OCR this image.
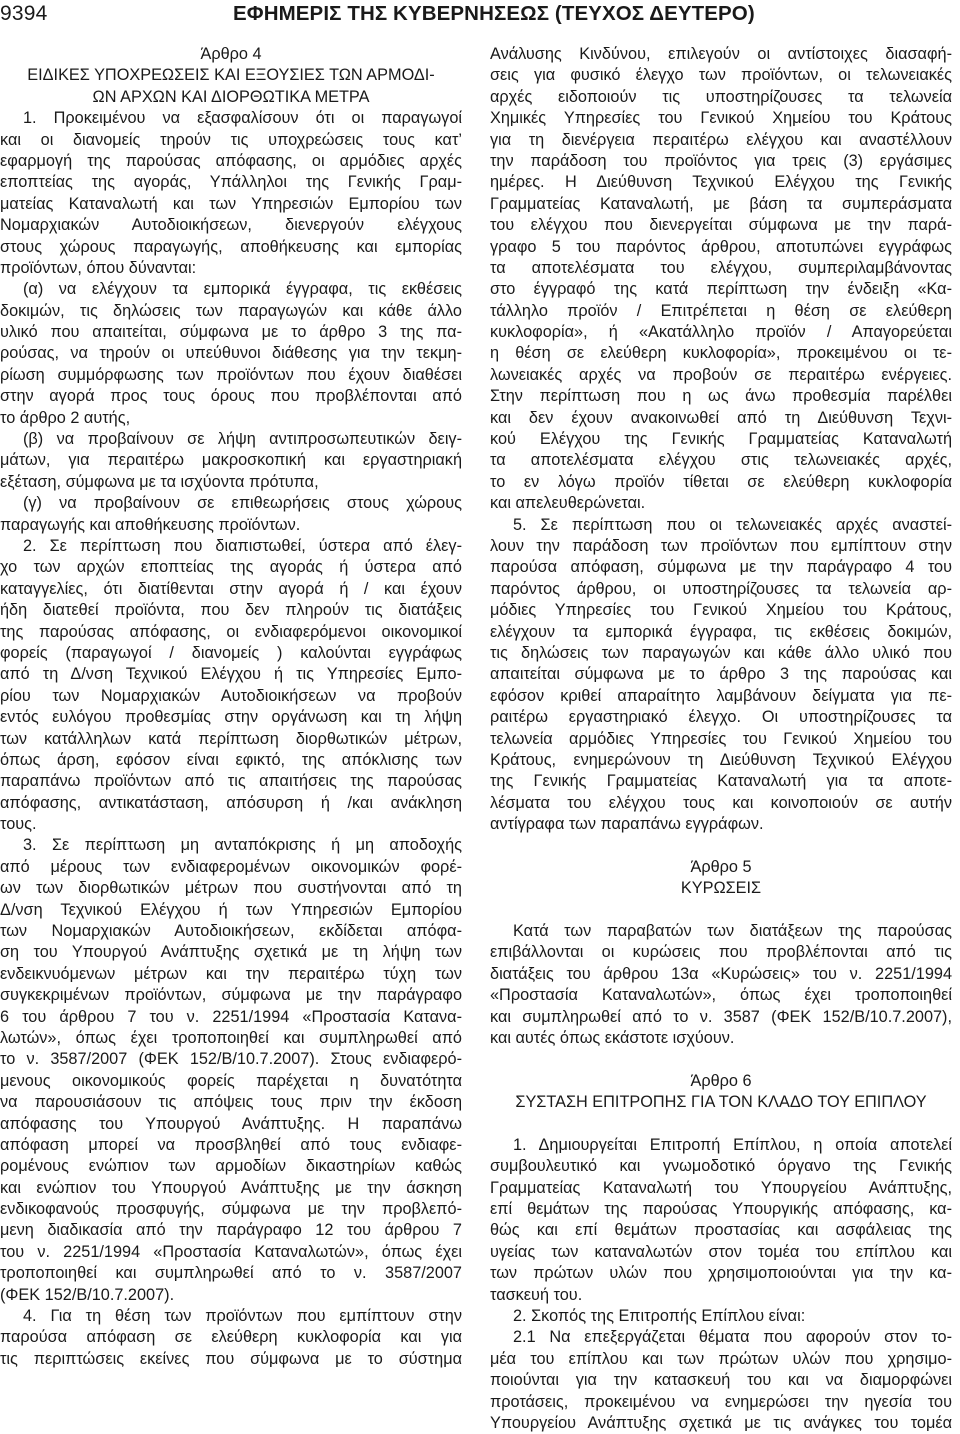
9394	ΕΦΗΜΕΡΙΣ ΤΗΣ ΚΥΒΕΡΝΗΣΕΩΣ (ΤΕΥΧΟΣ ΔΕΥΤΕΡΟ)
Άρθρο 4
ΕΙΔΙΚΕΣ ΥΠΟΧΡΕΩΣΕΙΣ ΚΑΙ ΕΞΟΥΣΙΕΣ ΤΩΝ ΑΡΜΟΔΙ-
ΩΝ ΑΡΧΩΝ ΚΑΙ ΔΙΟΡΘΩΤΙΚΑ ΜΕΤΡΑ
1. Προκειμένου να εξασφαλίσουν ότι οι παραγωγοί
και οι διανομείς τηρούν τις υποχρεώσεις τους κατ’
εφαρμογή της παρούσας απόφασης, οι αρμόδιες αρχές
εποπτείας της αγοράς, Υπάλληλοι της Γενικής Γραμ-
ματείας Καταναλωτή και των Υπηρεσιών Εμπορίου των
Νομαρχιακών Αυτοδιοικήσεων, διενεργούν ελέγχους
στους χώρους παραγωγής, αποθήκευσης και εμπορίας
προϊόντων, όπου δύνανται:
(α) να ελέγχουν τα εμπορικά έγγραφα, τις εκθέσεις
δοκιμών, τις δηλώσεις των παραγωγών και κάθε άλλο
υλικό που απαιτείται, σύμφωνα με το άρθρο 3 της πα-
ρούσας, να τηρούν οι υπεύθυνοι διάθεσης για την τεκμη-
ρίωση συμμόρφωσης των προϊόντων που έχουν διαθέσει
στην αγορά προς τους όρους που προβλέπονται από
το άρθρο 2 αυτής,
(β) να προβαίνουν σε λήψη αντιπροσωπευτικών δειγ-
μάτων, για περαιτέρω μακροσκοπική και εργαστηριακή
εξέταση, σύμφωνα με τα ισχύοντα πρότυπα,
(γ) να προβαίνουν σε επιθεωρήσεις στους χώρους
παραγωγής και αποθήκευσης προϊόντων.
2. Σε περίπτωση που διαπιστωθεί, ύστερα από έλεγ-
χο των αρχών εποπτείας της αγοράς ή ύστερα από
καταγγελίες, ότι διατίθενται στην αγορά ή / και έχουν
ήδη διατεθεί προϊόντα, που δεν πληρούν τις διατάξεις
της παρούσας απόφασης, οι ενδιαφερόμενοι οικονομικοί
φορείς (παραγωγοί / διανομείς ) καλούνται εγγράφως
από τη Δ/νση Τεχνικού Ελέγχου ή τις Υπηρεσίες Εμπο-
ρίου των Νομαρχιακών Αυτοδιοικήσεων να προβούν
εντός ευλόγου προθεσμίας στην οργάνωση και τη λήψη
των κατάλληλων κατά περίπτωση διορθωτικών μέτρων,
όπως άρση, εφόσον είναι εφικτό, της απόκλισης των
παραπάνω προϊόντων από τις απαιτήσεις της παρούσας
απόφασης, αντικατάσταση, απόσυρση ή /και ανάκληση
τους.
3. Σε περίπτωση μη ανταπόκρισης ή μη αποδοχής
από μέρους των ενδιαφερομένων οικονομικών φορέ-
ων των διορθωτικών μέτρων που συστήνονται από τη
Δ/νση Τεχνικού Ελέγχου ή των Υπηρεσιών Εμπορίου
των Νομαρχιακών Αυτοδιοικήσεων, εκδίδεται απόφα-
ση του Υπουργού Ανάπτυξης σχετικά με τη λήψη των
ενδεικνυόμενων μέτρων και την περαιτέρω τύχη των
συγκεκριμένων προϊόντων, σύμφωνα με την παράγραφο
6 του άρθρου 7 του ν. 2251/1994 «Προστασία Κατανα-
λωτών», όπως έχει τροποποιηθεί και συμπληρωθεί από
το ν. 3587/2007 (ΦΕΚ 152/Β/10.7.2007). Στους ενδιαφερό-
μενους οικονομικούς φορείς παρέχεται η δυνατότητα
να παρουσιάσουν τις απόψεις τους πριν την έκδοση
απόφασης του Υπουργού Ανάπτυξης. Η παραπάνω
απόφαση μπορεί να προσβληθεί από τους ενδιαφε-
ρομένους ενώπιον των αρμοδίων δικαστηρίων καθώς
και ενώπιον του Υπουργού Ανάπτυξης με την άσκηση
ενδικοφανούς προσφυγής, σύμφωνα με την προβλεπό-
μενη διαδικασία από την παράγραφο 12 του άρθρου 7
του ν. 2251/1994 «Προστασία Καταναλωτών», όπως έχει
τροποποιηθεί και συμπληρωθεί από το ν. 3587/2007
(ΦΕΚ 152/Β/10.7.2007).
4. Για τη θέση των προϊόντων που εμπίπτουν στην
παρούσα απόφαση σε ελεύθερη κυκλοφορία και για
τις περιπτώσεις εκείνες που σύμφωνα με το σύστημα
Ανάλυσης Κινδύνου, επιλεγούν οι αντίστοιχες διασαφή-
σεις για φυσικό έλεγχο των προϊόντων, οι τελωνειακές
αρχές ειδοποιούν τις υποστηρίζουσες τα τελωνεία
Χημικές Υπηρεσίες του Γενικού Χημείου του Κράτους
για τη διενέργεια περαιτέρω ελέγχου και αναστέλλουν
την παράδοση του προϊόντος για τρεις (3) εργάσιμες
ημέρες. Η Διεύθυνση Τεχνικού Ελέγχου της Γενικής
Γραμματείας Καταναλωτή, με βάση τα συμπεράσματα
του ελέγχου που διενεργείται σύμφωνα με την παρά-
γραφο 5 του παρόντος άρθρου, αποτυπώνει εγγράφως
τα αποτελέσματα του ελέγχου, συμπεριλαμβάνοντας
στο έγγραφό της κατά περίπτωση την ένδειξη «Κα-
τάλληλο προϊόν / Επιτρέπεται η θέση σε ελεύθερη
κυκλοφορία», ή «Ακατάλληλο προϊόν / Απαγορεύεται
η θέση σε ελεύθερη κυκλοφορία», προκειμένου οι τε-
λωνειακές αρχές να προβούν σε περαιτέρω ενέργειες.
Στην περίπτωση που η ως άνω προθεσμία παρέλθει
και δεν έχουν ανακοινωθεί από τη Διεύθυνση Τεχνι-
κού Ελέγχου της Γενικής Γραμματείας Καταναλωτή
τα αποτελέσματα ελέγχου στις τελωνειακές αρχές,
το εν λόγω προϊόν τίθεται σε ελεύθερη κυκλοφορία
και απελευθερώνεται.
5. Σε περίπτωση που οι τελωνειακές αρχές αναστεί-
λουν την παράδοση των προϊόντων που εμπίπτουν στην
παρούσα απόφαση, σύμφωνα με την παράγραφο 4 του
παρόντος άρθρου, οι υποστηρίζουσες τα τελωνεία αρ-
μόδιες Υπηρεσίες του Γενικού Χημείου του Κράτους,
ελέγχουν τα εμπορικά έγγραφα, τις εκθέσεις δοκιμών,
τις δηλώσεις των παραγωγών και κάθε άλλο υλικό που
απαιτείται σύμφωνα με το άρθρο 3 της παρούσας και
εφόσον κριθεί απαραίτητο λαμβάνουν δείγματα για πε-
ραιτέρω εργαστηριακό έλεγχο. Οι υποστηρίζουσες τα
τελωνεία αρμόδιες Υπηρεσίες του Γενικού Χημείου του
Κράτους, ενημερώνουν τη Διεύθυνση Τεχνικού Ελέγχου
της Γενικής Γραμματείας Καταναλωτή για τα αποτε-
λέσματα του ελέγχου τους και κοινοποιούν σε αυτήν
αντίγραφα των παραπάνω εγγράφων.
Άρθρο 5
ΚΥΡΩΣΕΙΣ
Κατά των παραβατών των διατάξεων της παρούσας
επιβάλλονται οι κυρώσεις που προβλέπονται από τις
διατάξεις του άρθρου 13α «Κυρώσεις» του ν. 2251/1994
«Προστασία Καταναλωτών», όπως έχει τροποποιηθεί
και συμπληρωθεί από το ν. 3587 (ΦΕΚ 152/Β/10.7.2007),
και αυτές όπως εκάστοτε ισχύουν.
Άρθρο 6
ΣΥΣΤΑΣΗ ΕΠΙΤΡΟΠΗΣ ΓΙΑ ΤΟΝ ΚΛΑΔΟ ΤΟΥ ΕΠΙΠΛΟΥ
1. Δημιουργείται Επιτροπή Επίπλου, η οποία αποτελεί
συμβουλευτικό και γνωμοδοτικό όργανο της Γενικής
Γραμματείας Καταναλωτή του Υπουργείου Ανάπτυξης,
επί θεμάτων της παρούσας Υπουργικής απόφασης, κα-
θώς και επί θεμάτων προστασίας και ασφάλειας της
υγείας των καταναλωτών στον τομέα του επίπλου και
των πρώτων υλών που χρησιμοποιούνται για την κα-
τασκευή του.
2. Σκοπός της Επιτροπής Επίπλου είναι:
2.1 Να επεξεργάζεται θέματα που αφορούν στον το-
μέα του επίπλου και των πρώτων υλών που χρησιμο-
ποιούνται για την κατασκευή του και να διαμορφώνει
προτάσεις, προκειμένου να ενημερώσει την ηγεσία του
Υπουργείου Ανάπτυξης σχετικά με τις ανάγκες του τομέα
